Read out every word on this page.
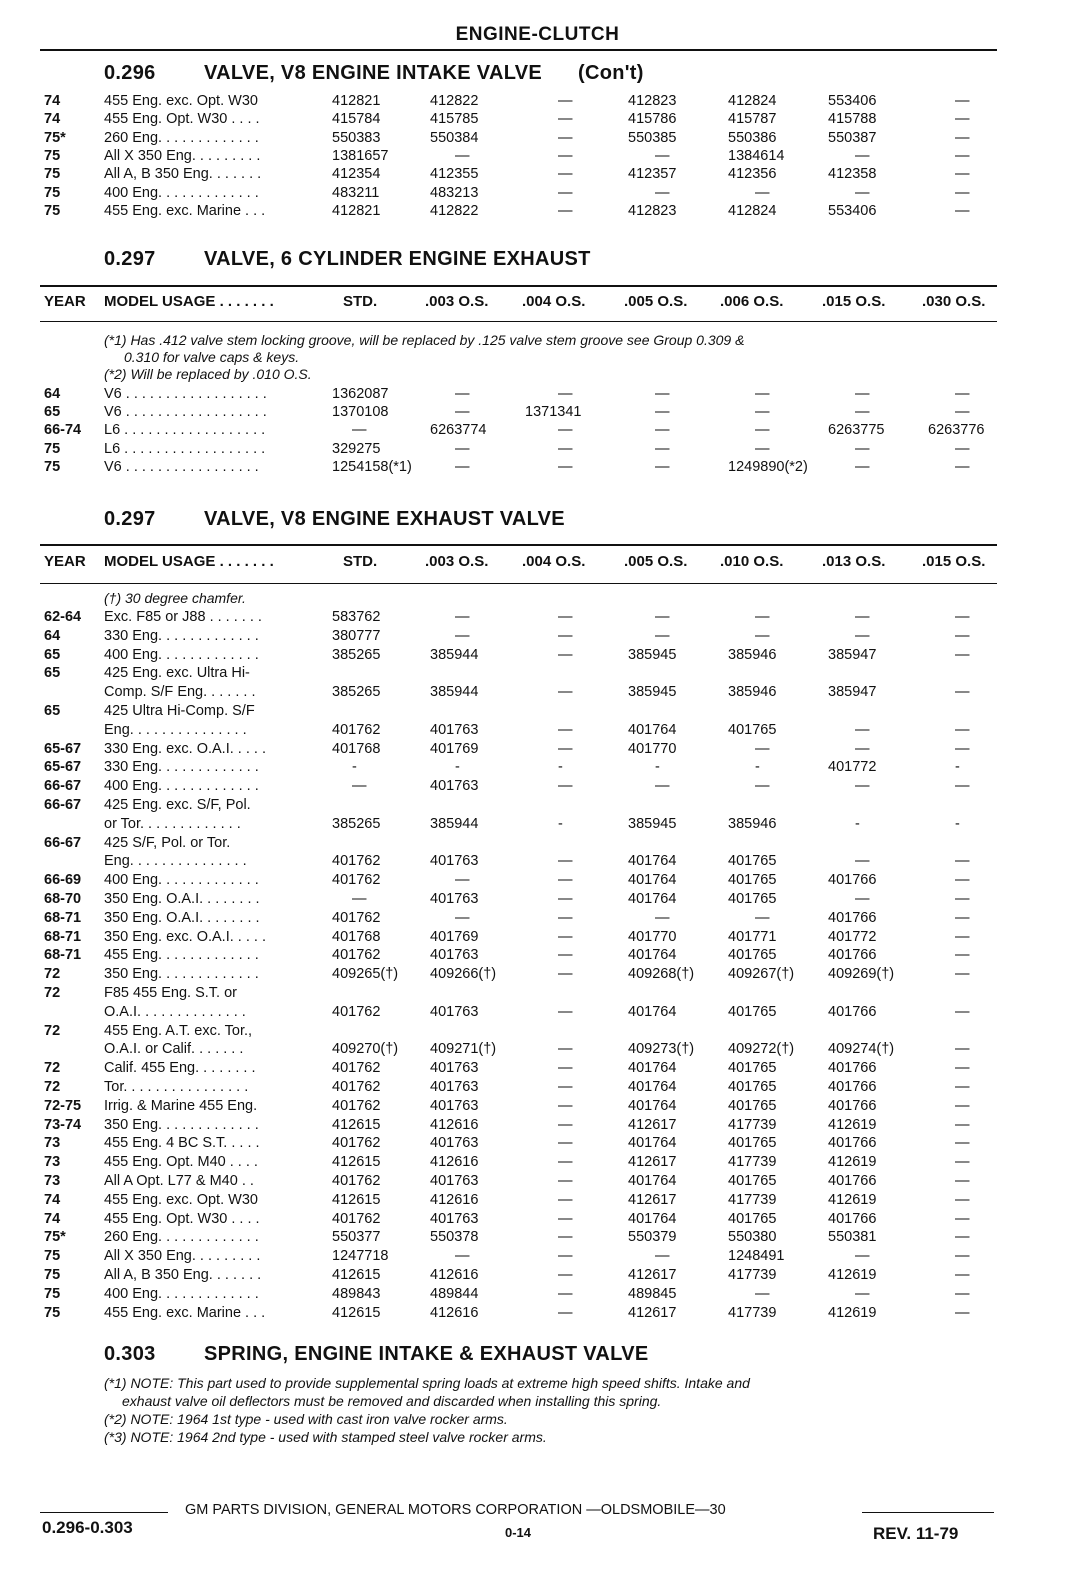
ENGINE-CLUTCH
0.296 VALVE, V8 ENGINE INTAKE VALVE (Con't)
74	455 Eng. exc. Opt. W30	412821	412822	—	412823	412824	553406	—
74	455 Eng. Opt. W30 . . . .	415784	415785	—	415786	415787	415788	—
75*	260 Eng. . . . . . . . . . . . .	550383	550384	—	550385	550386	550387	—
75	All X 350 Eng. . . . . . . . .	1381657	—	—	—	1384614	—	—
75	All A, B 350 Eng. . . . . . .	412354	412355	—	412357	412356	412358	—
75	400 Eng. . . . . . . . . . . . .	483211	483213	—	—	—	—	—
75	455 Eng. exc. Marine . . .	412821	412822	—	412823	412824	553406	—
0.297 VALVE, 6 CYLINDER ENGINE EXHAUST
YEAR MODEL USAGE . . . . . . .	STD.	.003 O.S. .004 O.S.	.005 O.S. .006 O.S.	.015 O.S. .030 O.S.
(*1) Has .412 valve stem locking groove, will be replaced by .125 valve stem groove see Group 0.309 &
0.310 for valve caps & keys.
(*2) Will be replaced by .010 O.S.
64	V6 . . . . . . . . . . . . . . . . . .	1362087	—	—	—	—	—	—
65	V6 . . . . . . . . . . . . . . . . . .	1370108	—	1371341	—	—	—	—
66-74 L6 . . . . . . . . . . . . . . . . . .	—	6263774	—	—	—	6263775	6263776
75	L6 . . . . . . . . . . . . . . . . . .	329275	—	—	—	—	—	—
75	V6 . . . . . . . . . . . . . . . . .	1254158(*1)	—	—	—	1249890(*2)	—	—
0.297 VALVE, V8 ENGINE EXHAUST VALVE
YEAR MODEL USAGE . . . . . . .	STD.	.003 O.S. .004 O.S.	.005 O.S. .010 O.S.	.013 O.S. .015 O.S.
(†) 30 degree chamfer.
62-64 Exc. F85 or J88 . . . . . . .	583762	—	—	—	—	—	—
64	330 Eng. . . . . . . . . . . . .	380777	—	—	—	—	—	—
65	400 Eng. . . . . . . . . . . . .	385265	385944	—	385945	385946	385947	—
65	425 Eng. exc. Ultra Hi-
Comp. S/F Eng. . . . . . .	385265	385944	—	385945	385946	385947	—
65	425 Ultra Hi-Comp. S/F
Eng. . . . . . . . . . . . . . .	401762	401763	—	401764	401765	—	—
65-67 330 Eng. exc. O.A.I. . . . .	401768	401769	—	401770	—	—	—
65-67 330 Eng. . . . . . . . . . . . .	-	-	-	-	-	401772	-
66-67 400 Eng. . . . . . . . . . . . .	—	401763	—	—	—	—	—
66-67 425 Eng. exc. S/F, Pol.
or Tor. . . . . . . . . . . . .	385265	385944	-	385945	385946	-	-
66-67 425 S/F, Pol. or Tor.
Eng. . . . . . . . . . . . . . .	401762	401763	—	401764	401765	—	—
66-69 400 Eng. . . . . . . . . . . . .	401762	—	—	401764	401765	401766	—
68-70 350 Eng. O.A.I. . . . . . . .	—	401763	—	401764	401765	—	—
68-71 350 Eng. O.A.I. . . . . . . .	401762	—	—	—	—	401766	—
68-71 350 Eng. exc. O.A.I. . . . .	401768	401769	—	401770	401771	401772	—
68-71 455 Eng. . . . . . . . . . . . .	401762	401763	—	401764	401765	401766	—
72	350 Eng. . . . . . . . . . . . .	409265(†) 409266(†)	—	409268(†) 409267(†) 409269(†)	—
72	F85 455 Eng. S.T. or
O.A.I. . . . . . . . . . . . . .	401762	401763	—	401764	401765	401766	—
72	455 Eng. A.T. exc. Tor.,
O.A.I. or Calif. . . . . . .	409270(†) 409271(†)	—	409273(†) 409272(†) 409274(†)	—
72	Calif. 455 Eng. . . . . . . .	401762	401763	—	401764	401765	401766	—
72	Tor. . . . . . . . . . . . . . . .	401762	401763	—	401764	401765	401766	—
72-75 Irrig. & Marine 455 Eng.	401762	401763	—	401764	401765	401766	—
73-74 350 Eng. . . . . . . . . . . . .	412615	412616	—	412617	417739	412619	—
73	455 Eng. 4 BC S.T. . . . .	401762	401763	—	401764	401765	401766	—
73	455 Eng. Opt. M40 . . . .	412615	412616	—	412617	417739	412619	—
73	All A Opt. L77 & M40 . .	401762	401763	—	401764	401765	401766	—
74	455 Eng. exc. Opt. W30	412615	412616	—	412617	417739	412619	—
74	455 Eng. Opt. W30 . . . .	401762	401763	—	401764	401765	401766	—
75*	260 Eng. . . . . . . . . . . . .	550377	550378	—	550379	550380	550381	—
75	All X 350 Eng. . . . . . . . .	1247718	—	—	—	1248491	—	—
75	All A, B 350 Eng. . . . . . .	412615	412616	—	412617	417739	412619	—
75	400 Eng. . . . . . . . . . . . .	489843	489844	—	489845	—	—	—
75	455 Eng. exc. Marine . . .	412615	412616	—	412617	417739	412619	—
0.303 SPRING, ENGINE INTAKE & EXHAUST VALVE
(*1) NOTE: This part used to provide supplemental spring loads at extreme high speed shifts. Intake and
exhaust valve oil deflectors must be removed and discarded when installing this spring.
(*2) NOTE: 1964 1st type - used with cast iron valve rocker arms.
(*3) NOTE: 1964 2nd type - used with stamped steel valve rocker arms.
0.296-0.303
GM PARTS DIVISION, GENERAL MOTORS CORPORATION —OLDSMOBILE—30
0-14	REV. 11-79
